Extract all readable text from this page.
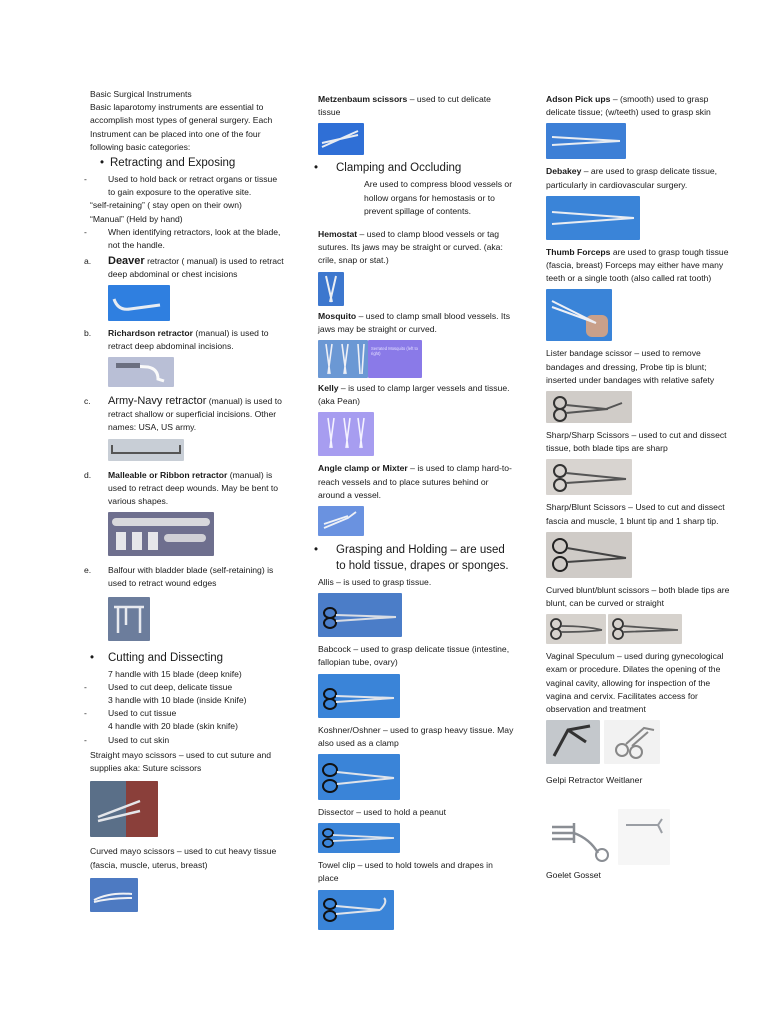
Basic Surgical Instruments

Basic laparotomy instruments are essential to accomplish most types of general surgery. Each Instrument can be placed into one of the four following basic categories:

• Retracting and Exposing

- Used to hold back or retract organs or tissue to gain exposure to the operative site.

“self-retaining” ( stay open on their own)

“Manual” (Held by hand)

- When identifying retractors, look at the blade, not the handle.

a. Deaver retractor ( manual) is used to retract deep abdominal or chest incisions

b. Richardson retractor (manual) is used to retract deep abdominal incisions.

c. Army-Navy retractor (manual) is used to retract shallow or superficial incisions. Other names: USA, US army.

d. Malleable or Ribbon retractor (manual) is used to retract deep wounds. May be bent to various shapes.

e. Balfour with bladder blade (self-retaining) is used to retract wound edges

• Cutting and Dissecting

7 handle with 15 blade (deep knife)

- Used to cut deep, delicate tissue

3 handle with 10 blade (inside Knife)

- Used to cut tissue

4 handle with 20 blade (skin knife)

- Used to cut skin

Straight mayo scissors – used to cut suture and supplies aka: Suture scissors

Curved mayo scissors – used to cut heavy tissue (fascia, muscle, uterus, breast)

Metzenbaum scissors – used to cut delicate tissue

• Clamping and Occluding

Are used to compress blood vessels or hollow organs for hemostasis or to prevent spillage of contents.

Hemostat – used to clamp blood vessels or tag sutures. Its jaws may be straight or curved. (aka: crile, snap or stat.)

Mosquito – used to clamp small blood vessels. Its jaws may be straight or curved.

Serrated Mosquito (left to right)

Kelly – is used to clamp larger vessels and tissue. (aka Pean)

Angle clamp or Mixter – is used to clamp hard-to-reach vessels and to place sutures behind or around a vessel.

• Grasping and Holding – are used to hold tissue, drapes or sponges.

Allis – is used to grasp tissue.

Babcock – used to grasp delicate tissue (intestine, fallopian tube, ovary)

Koshner/Oshner – used to grasp heavy tissue. May also used as a clamp

Dissector – used to hold a peanut

Towel clip – used to hold towels and drapes in place

Adson Pick ups – (smooth) used to grasp delicate tissue; (w/teeth) used to grasp skin

Debakey – are used to grasp delicate tissue, particularly in cardiovascular surgery.

Thumb Forceps are used to grasp tough tissue (fascia, breast) Forceps may either have many teeth or a single tooth (also called rat tooth)

Lister bandage scissor – used to remove bandages and dressing, Probe tip is blunt; inserted under bandages with relative safety

Sharp/Sharp Scissors – used to cut and dissect tissue, both blade tips are sharp

Sharp/Blunt Scissors – Used to cut and dissect fascia and muscle, 1 blunt tip and 1 sharp tip.

Curved blunt/blunt scissors – both blade tips are blunt, can be curved or straight

Vaginal Speculum – used during gynecological exam or procedure. Dilates the opening of the vaginal cavity, allowing for inspection of the vagina and cervix. Facilitates access for observation and treatment

Gelpi Retractor Weitlaner

Goelet Gosset
